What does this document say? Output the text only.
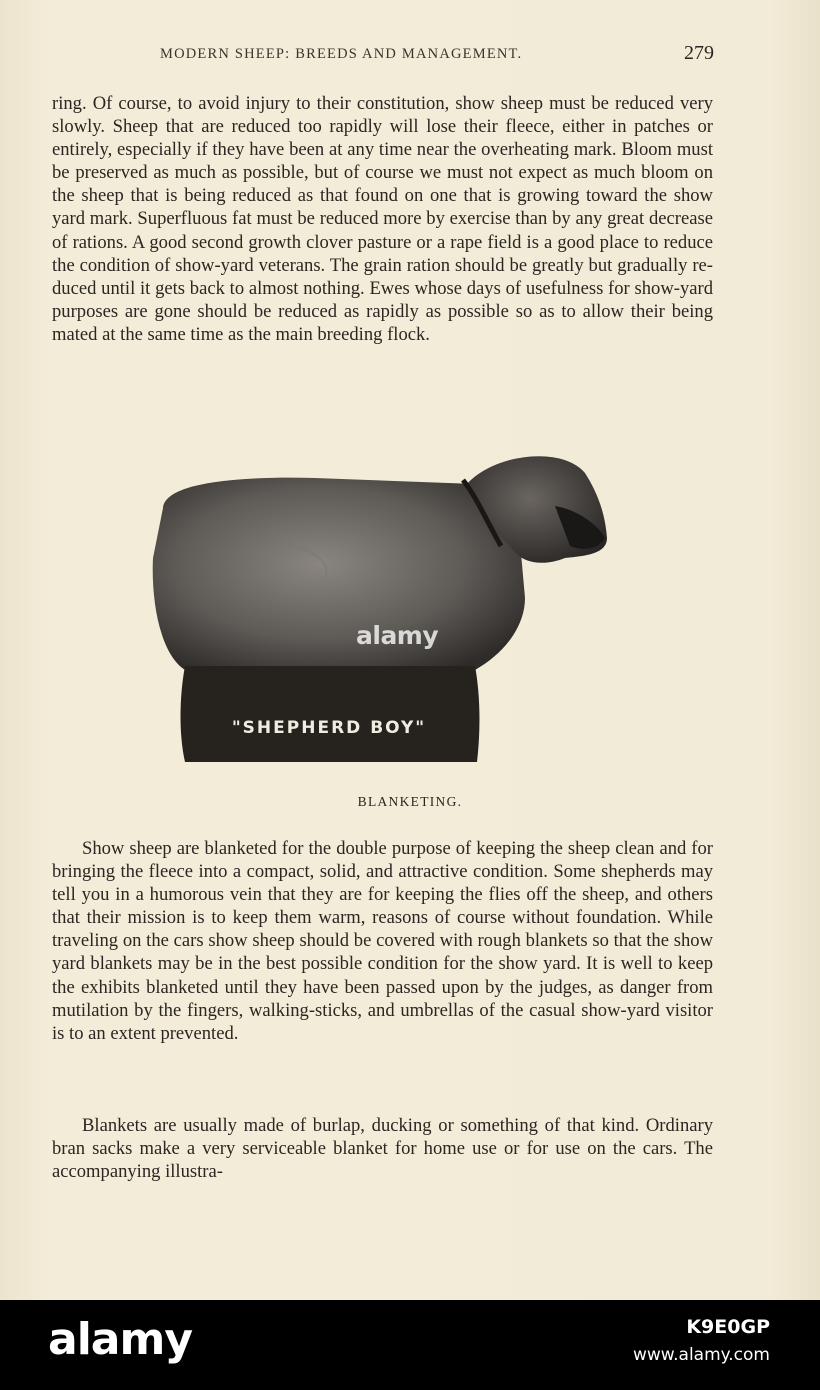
MODERN SHEEP: BREEDS AND MANAGEMENT.	279

ring. Of course, to avoid injury to their constitution, show sheep must be reduced very slowly. Sheep that are reduced too rapidly will lose their fleece, either in patches or entirely, especially if they have been at any time near the overheating mark. Bloom must be preserved as much as possible, but of course we must not expect as much bloom on the sheep that is being reduced as that found on one that is growing toward the show yard mark. Superfluous fat must be reduced more by exercise than by any great decrease of rations. A good second growth clover pasture or a rape field is a good place to reduce the condition of show-yard veterans. The grain ration should be greatly but gradually reduced until it gets back to almost nothing. Ewes whose days of usefulness for show-yard purposes are gone should be reduced as rapidly as possible so as to allow their being mated at the same time as the main breeding flock.

"SHEPHERD BOY"
alamy
BLANKETING.

Show sheep are blanketed for the double purpose of keeping the sheep clean and for bringing the fleece into a compact, solid, and attractive condition. Some shepherds may tell you in a humorous vein that they are for keeping the flies off the sheep, and others that their mission is to keep them warm, reasons of course without foundation. While traveling on the cars show sheep should be covered with rough blankets so that the show yard blankets may be in the best possible condition for the show yard. It is well to keep the exhibits blanketed until they have been passed upon by the judges, as danger from mutilation by the fingers, walking-sticks, and umbrellas of the casual show-yard visitor is to an extent prevented.

Blankets are usually made of burlap, ducking or something of that kind. Ordinary bran sacks make a very serviceable blanket for home use or for use on the cars. The accompanying illustra-

alamy	K9E0GP
www.alamy.com
